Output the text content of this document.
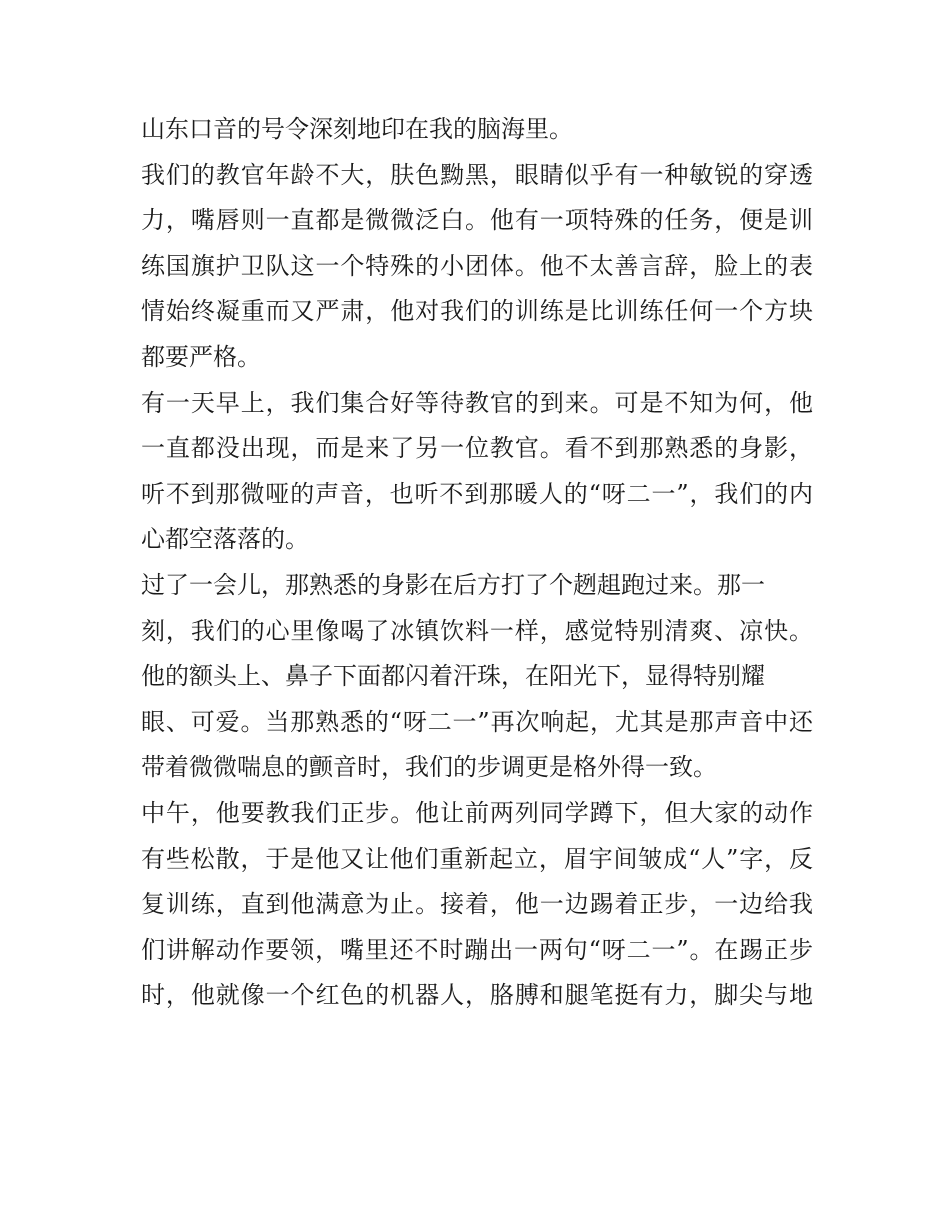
山东口音的号令深刻地印在我的脑海里。
我们的教官年龄不大，肤色黝黑，眼睛似乎有一种敏锐的穿透
力，嘴唇则一直都是微微泛白。他有一项特殊的任务，便是训
练国旗护卫队这一个特殊的小团体。他不太善言辞，脸上的表
情始终凝重而又严肃，他对我们的训练是比训练任何一个方块
都要严格。
有一天早上，我们集合好等待教官的到来。可是不知为何，他
一直都没出现，而是来了另一位教官。看不到那熟悉的身影，
听不到那微哑的声音，也听不到那暖人的“呀二一”，我们的内
心都空落落的。
过了一会儿，那熟悉的身影在后方打了个趔趄跑过来。那一
刻，我们的心里像喝了冰镇饮料一样，感觉特别清爽、凉快。
他的额头上、鼻子下面都闪着汗珠，在阳光下，显得特别耀
眼、可爱。当那熟悉的“呀二一”再次响起，尤其是那声音中还
带着微微喘息的颤音时，我们的步调更是格外得一致。
中午，他要教我们正步。他让前两列同学蹲下，但大家的动作
有些松散，于是他又让他们重新起立，眉宇间皱成“人”字，反
复训练，直到他满意为止。接着，他一边踢着正步，一边给我
们讲解动作要领，嘴里还不时蹦出一两句“呀二一”。在踢正步
时，他就像一个红色的机器人，胳膊和腿笔挺有力，脚尖与地
